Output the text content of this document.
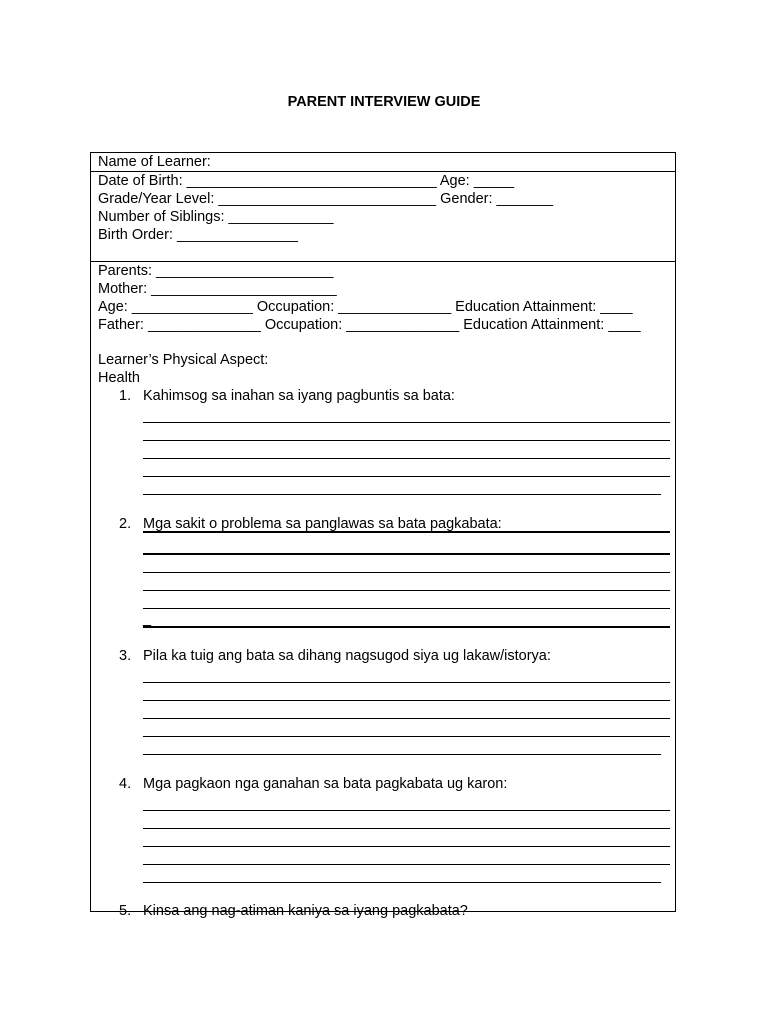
PARENT INTERVIEW GUIDE
Name of Learner:
Date of Birth: _______________________________ Age: _____
Grade/Year Level: ___________________________ Gender: _______
Number of Siblings: _____________
Birth Order: _______________
Parents: ______________________
Mother: _______________________
Age: _______________ Occupation: ______________ Education Attainment: ____
Father: ______________ Occupation: ______________ Education Attainment: ____
Learner’s Physical Aspect:
Health
1. Kahimsog sa inahan sa iyang pagbuntis sa bata:
2. Mga sakit o problema sa panglawas sa bata pagkabata:
_
3. Pila ka tuig ang bata sa dihang nagsugod siya ug lakaw/istorya:
4. Mga pagkaon nga ganahan sa bata pagkabata ug karon:
5. Kinsa ang nag-atiman kaniya sa iyang pagkabata?
